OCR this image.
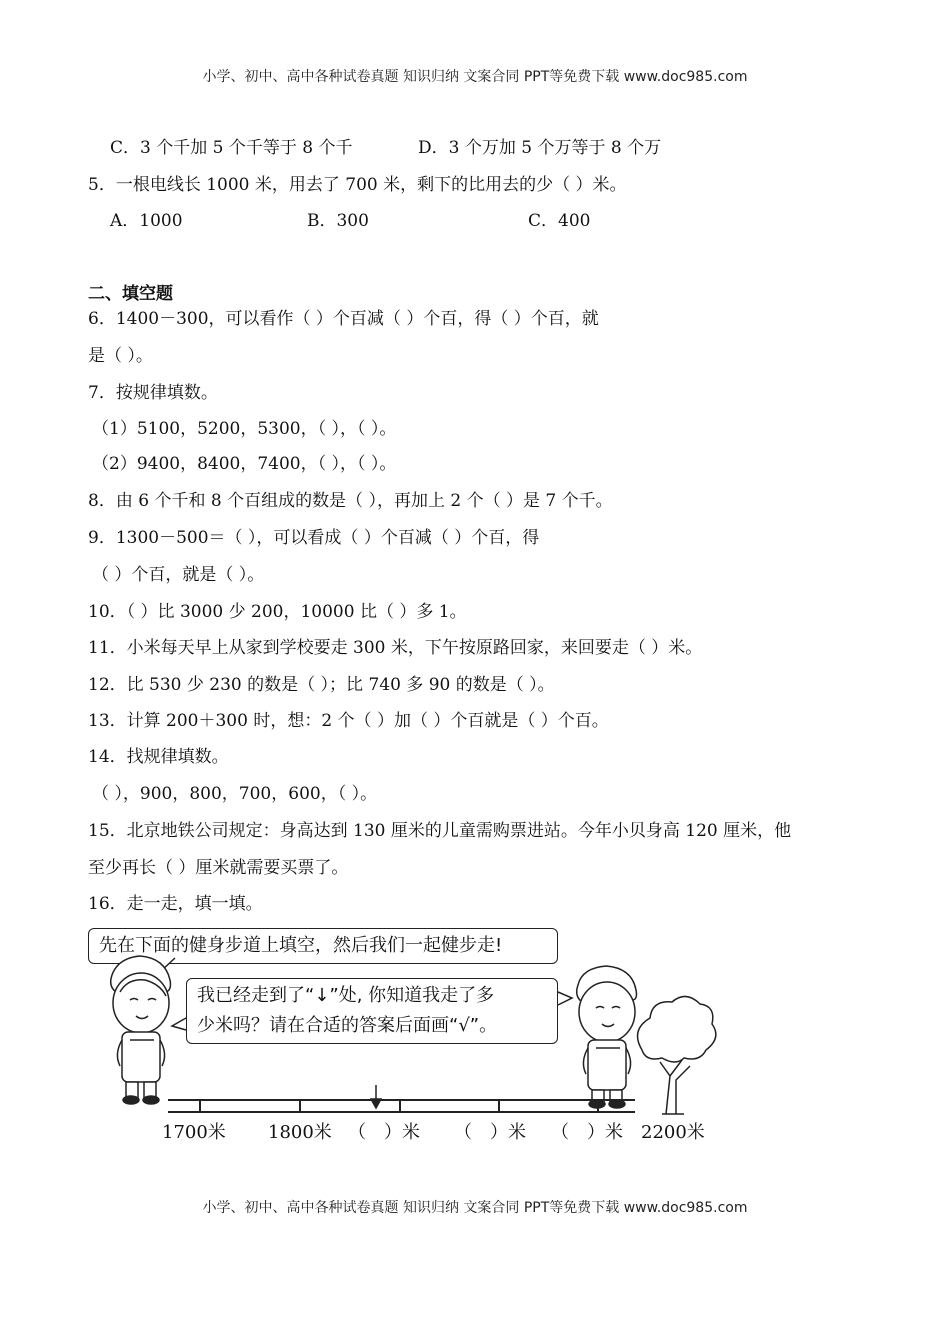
小学、初中、高中各种试卷真题 知识归纳 文案合同 PPT等免费下载 www.doc985.com
C．3 个千加 5 个千等于 8 个千	D．3 个万加 5 个万等于 8 个万
5．一根电线长 1000 米，用去了 700 米，剩下的比用去的少（ ）米。
A．1000	B．300	C．400
二、填空题
6．1400－300，可以看作（ ）个百减（ ）个百，得（ ）个百，就
是（ ）。
7．按规律填数。
（1）5100，5200，5300，（ ），（ ）。
（2）9400，8400，7400，（ ），（ ）。
8．由 6 个千和 8 个百组成的数是（ ），再加上 2 个（ ）是 7 个千。
9．1300－500＝（ ），可以看成（ ）个百减（ ）个百，得
（ ）个百，就是（ ）。
10．（ ）比 3000 少 200，10000 比（ ）多 1。
11．小米每天早上从家到学校要走 300 米，下午按原路回家，来回要走（ ）米。
12．比 530 少 230 的数是（ ）；比 740 多 90 的数是（ ）。
13．计算 200＋300 时，想：2 个（ ）加（ ）个百就是（ ）个百。
14．找规律填数。
（ ），900，800，700，600，（ ）。
15．北京地铁公司规定：身高达到 130 厘米的儿童需购票进站。今年小贝身高 120 厘米，他
至少再长（ ）厘米就需要买票了。
16．走一走，填一填。
先在下面的健身步道上填空，然后我们一起健步走!
我已经走到了“↓”处, 你知道我走了多
少米吗？请在合适的答案后面画“√”。
1700米 1800米 （　）米 （　）米 （　）米 2200米
小学、初中、高中各种试卷真题 知识归纳 文案合同 PPT等免费下载 www.doc985.com
